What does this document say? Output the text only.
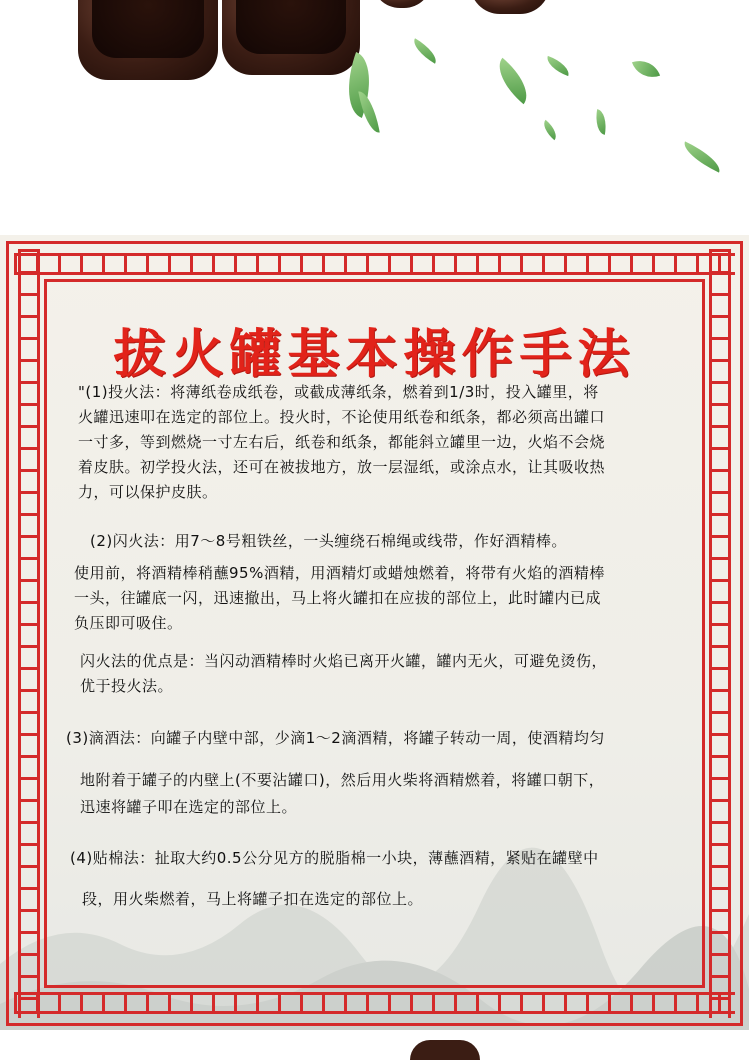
拔火罐基本操作手法
"(1)投火法：将薄纸卷成纸卷，或截成薄纸条，燃着到1/3时，投入罐里，将
火罐迅速叩在选定的部位上。投火时，不论使用纸卷和纸条，都必须高出罐口
一寸多，等到燃烧一寸左右后，纸卷和纸条，都能斜立罐里一边，火焰不会烧
着皮肤。初学投火法，还可在被拔地方，放一层湿纸，或涂点水，让其吸收热
力，可以保护皮肤。
(2)闪火法：用7～8号粗铁丝，一头缠绕石棉绳或线带，作好酒精棒。
使用前，将酒精棒稍蘸95%酒精，用酒精灯或蜡烛燃着，将带有火焰的酒精棒
一头，往罐底一闪，迅速撤出，马上将火罐扣在应拔的部位上，此时罐内已成
负压即可吸住。
闪火法的优点是：当闪动酒精棒时火焰已离开火罐，罐内无火，可避免烫伤，
优于投火法。
(3)滴酒法：向罐子内壁中部，少滴1～2滴酒精，将罐子转动一周，使酒精均匀
地附着于罐子的内壁上(不要沾罐口)，然后用火柴将酒精燃着，将罐口朝下，
迅速将罐子叩在选定的部位上。
(4)贴棉法：扯取大约0.5公分见方的脱脂棉一小块，薄蘸酒精，紧贴在罐壁中
段，用火柴燃着，马上将罐子扣在选定的部位上。
